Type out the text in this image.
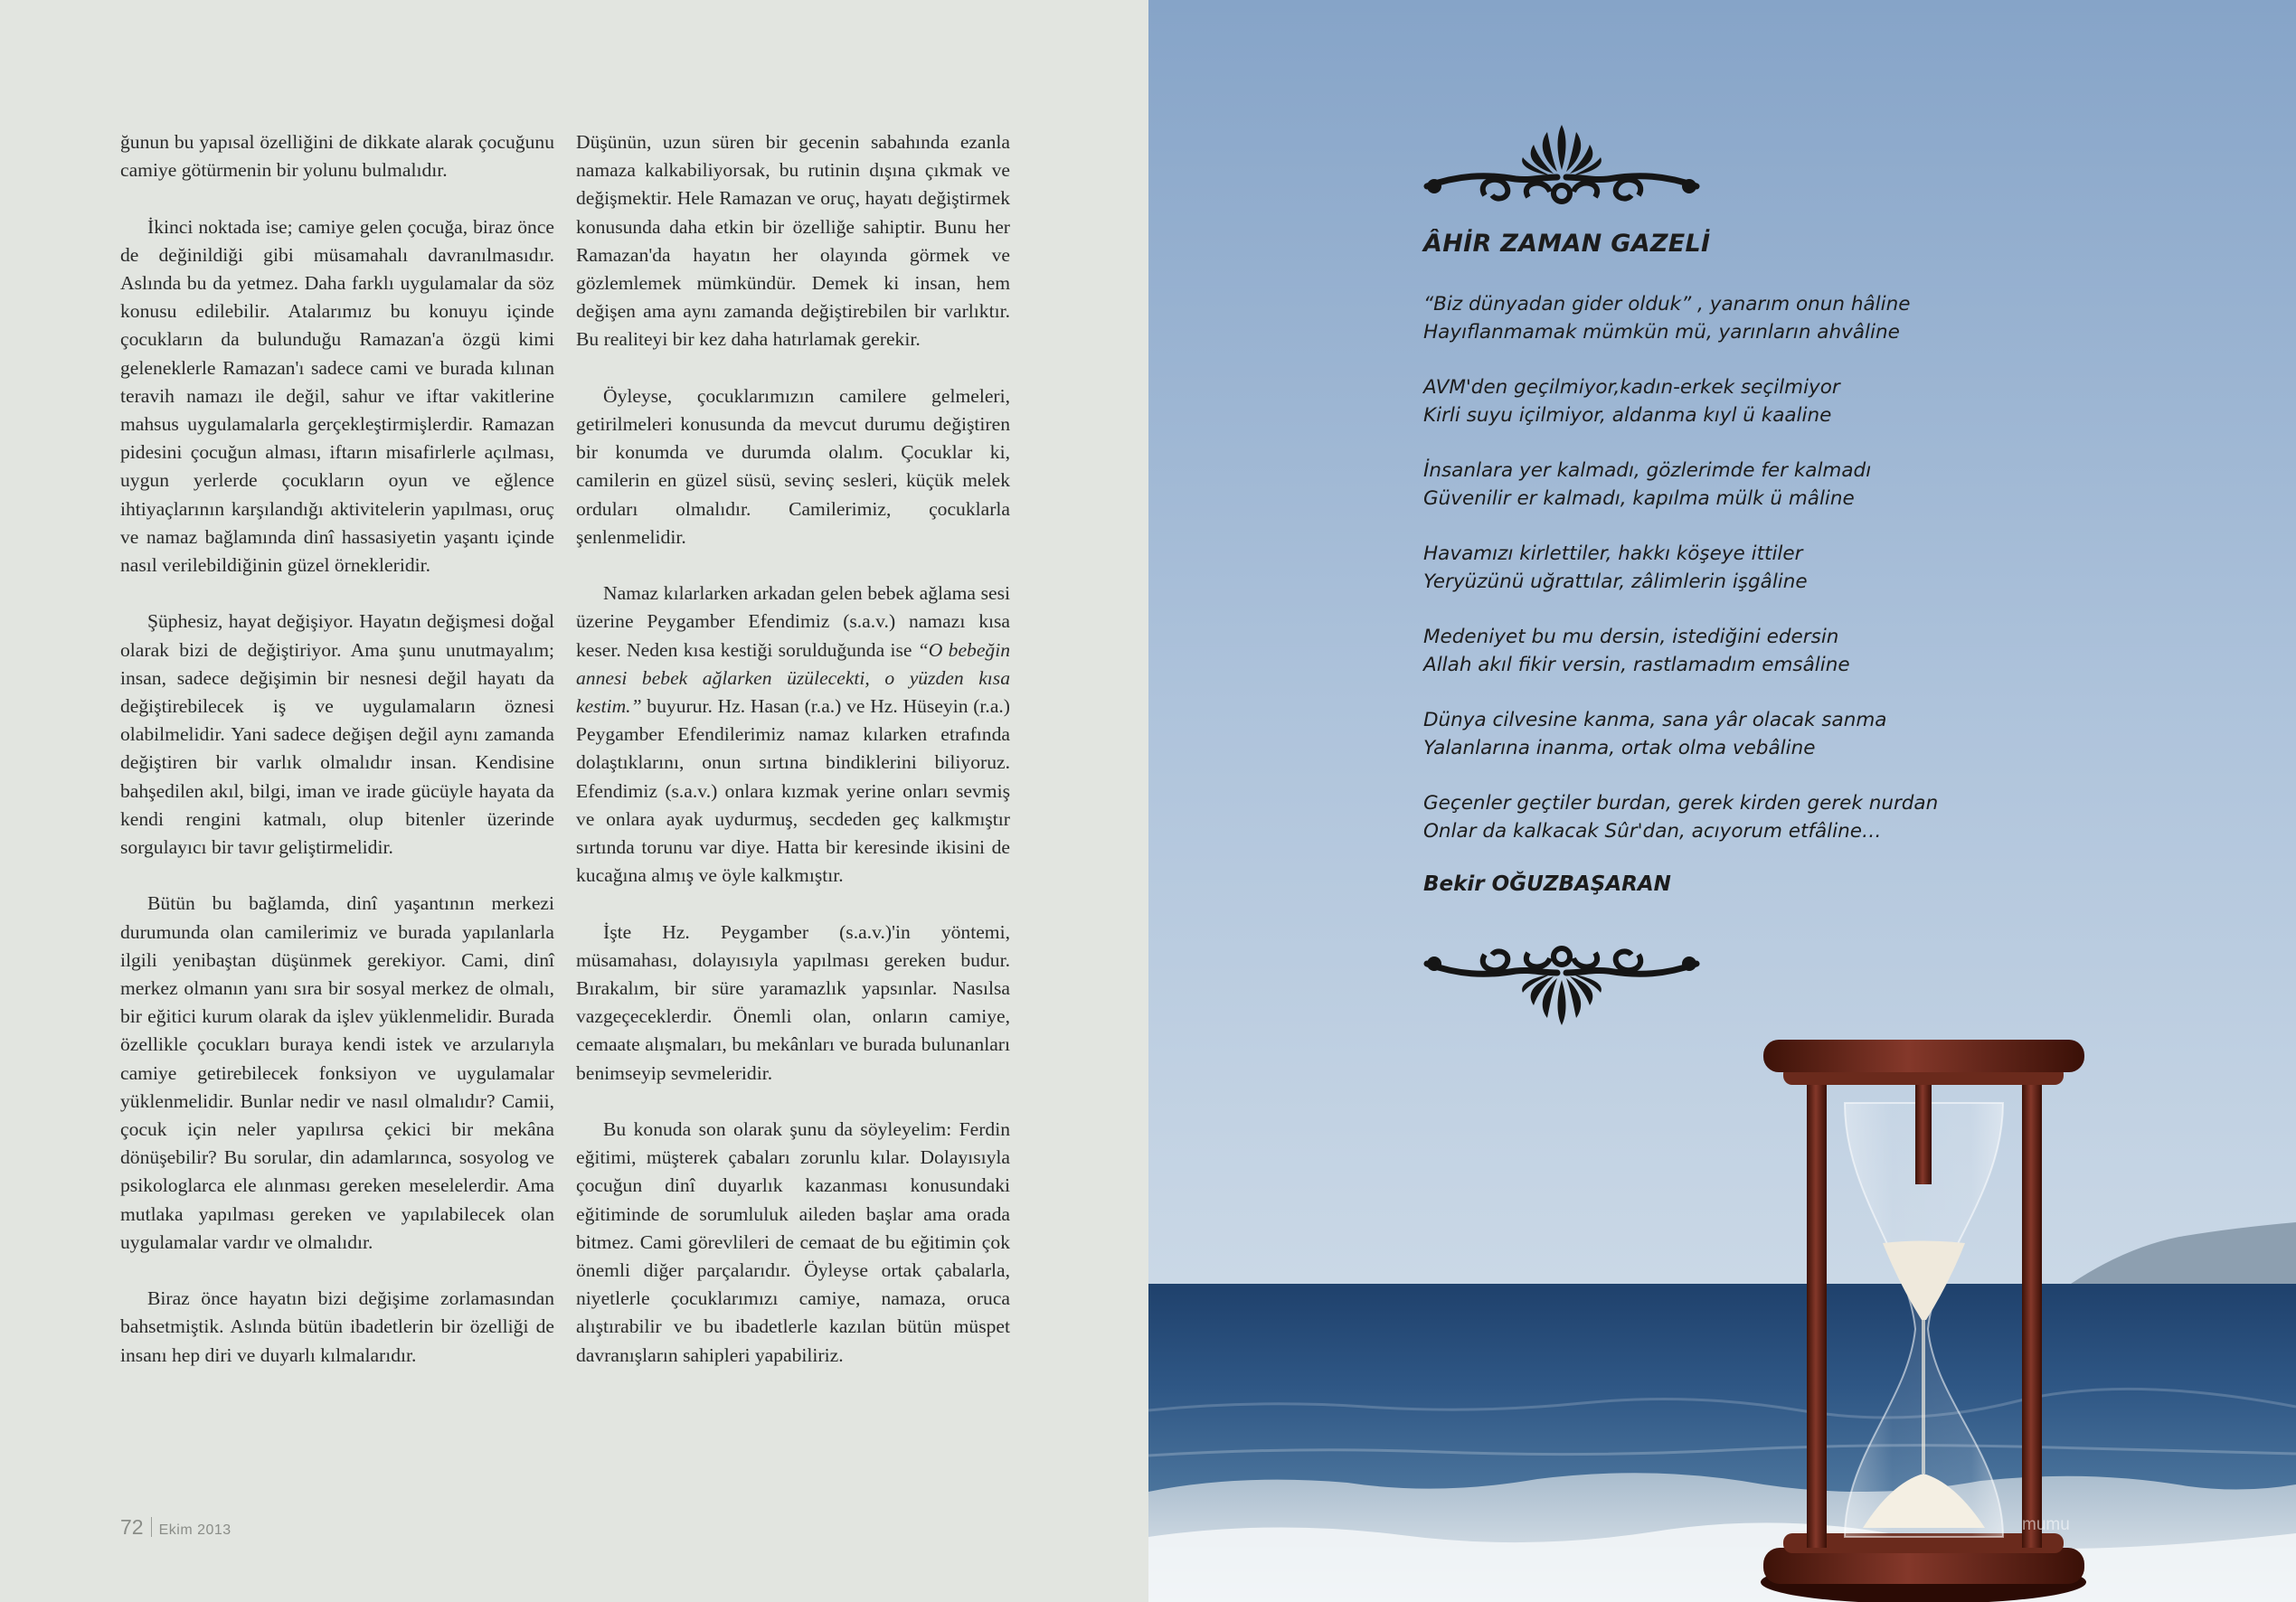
ğunun bu yapısal özelliğini de dikkate alarak çocuğunu camiye götürmenin bir yolunu bulmalıdır.

İkinci noktada ise; camiye gelen çocuğa, biraz önce de değinildiği gibi müsamahalı davranılmasıdır. Aslında bu da yetmez. Daha farklı uygulamalar da söz konusu edilebilir. Atalarımız bu konuyu içinde çocukların da bulunduğu Ramazan'a özgü kimi geleneklerle Ramazan'ı sadece cami ve burada kılınan teravih namazı ile değil, sahur ve iftar vakitlerine mahsus uygulamalarla gerçekleştirmişlerdir. Ramazan pidesini çocuğun alması, iftarın misafirlerle açılması, uygun yerlerde çocukların oyun ve eğlence ihtiyaçlarının karşılandığı aktivitelerin yapılması, oruç ve namaz bağlamında dinî hassasiyetin yaşantı içinde nasıl verilebildiğinin güzel örnekleridir.

Şüphesiz, hayat değişiyor. Hayatın değişmesi doğal olarak bizi de değiştiriyor. Ama şunu unutmayalım; insan, sadece değişimin bir nesnesi değil hayatı da değiştirebilecek iş ve uygulamaların öznesi olabilmelidir. Yani sadece değişen değil aynı zamanda değiştiren bir varlık olmalıdır insan. Kendisine bahşedilen akıl, bilgi, iman ve irade gücüyle hayata da kendi rengini katmalı, olup bitenler üzerinde sorgulayıcı bir tavır geliştirmelidir.

Bütün bu bağlamda, dinî yaşantının merkezi durumunda olan camilerimiz ve burada yapılanlarla ilgili yenibaştan düşünmek gerekiyor. Cami, dinî merkez olmanın yanı sıra bir sosyal merkez de olmalı, bir eğitici kurum olarak da işlev yüklenmelidir. Burada özellikle çocukları buraya kendi istek ve arzularıyla camiye getirebilecek fonksiyon ve uygulamalar yüklenmelidir. Bunlar nedir ve nasıl olmalıdır? Camii, çocuk için neler yapılırsa çekici bir mekâna dönüşebilir? Bu sorular, din adamlarınca, sosyolog ve psikologlarca ele alınması gereken meselelerdir. Ama mutlaka yapılması gereken ve yapılabilecek olan uygulamalar vardır ve olmalıdır.

Biraz önce hayatın bizi değişime zorlamasından bahsetmiştik. Aslında bütün ibadetlerin bir özelliği de insanı hep diri ve duyarlı kılmalarıdır.

Düşünün, uzun süren bir gecenin sabahında ezanla namaza kalkabiliyorsak, bu rutinin dışına çıkmak ve değişmektir. Hele Ramazan ve oruç, hayatı değiştirmek konusunda daha etkin bir özelliğe sahiptir. Bunu her Ramazan'da hayatın her olayında görmek ve gözlemlemek mümkündür. Demek ki insan, hem değişen ama aynı zamanda değiştirebilen bir varlıktır. Bu realiteyi bir kez daha hatırlamak gerekir.

Öyleyse, çocuklarımızın camilere gelmeleri, getirilmeleri konusunda da mevcut durumu değiştiren bir konumda ve durumda olalım. Çocuklar ki, camilerin en güzel süsü, sevinç sesleri, küçük melek orduları olmalıdır. Camilerimiz, çocuklarla şenlenmelidir.

Namaz kılarlarken arkadan gelen bebek ağlama sesi üzerine Peygamber Efendimiz (s.a.v.) namazı kısa keser. Neden kısa kestiği sorulduğunda ise “O bebeğin annesi bebek ağlarken üzülecekti, o yüzden kısa kestim.” buyurur. Hz. Hasan (r.a.) ve Hz. Hüseyin (r.a.) Peygamber Efendilerimiz namaz kılarken etrafında dolaştıklarını, onun sırtına bindiklerini biliyoruz. Efendimiz (s.a.v.) onlara kızmak yerine onları sevmiş ve onlara ayak uydurmuş, secdeden geç kalkmıştır sırtında torunu var diye. Hatta bir keresinde ikisini de kucağına almış ve öyle kalkmıştır.

İşte Hz. Peygamber (s.a.v.)'in yöntemi, müsamahası, dolayısıyla yapılması gereken budur. Bırakalım, bir süre yaramazlık yapsınlar. Nasılsa vazgeçeceklerdir. Önemli olan, onların camiye, cemaate alışmaları, bu mekânları ve burada bulunanları benimseyip sevmeleridir.

Bu konuda son olarak şunu da söyleyelim: Ferdin eğitimi, müşterek çabaları zorunlu kılar. Dolayısıyla çocuğun dinî duyarlık kazanması konusundaki eğitiminde de sorumluluk aileden başlar ama orada bitmez. Cami görevlileri de cemaat de bu eğitimin çok önemli diğer parçalarıdır. Öyleyse ortak çabalarla, niyetlerle çocuklarımızı camiye, namaza, oruca alıştırabilir ve bu ibadetlerle kazılan bütün müspet davranışların sahipleri yapabiliriz.

72 Ekim 2013
ÂHİR ZAMAN GAZELİ
“Biz dünyadan gider olduk” , yanarım onun hâline
Hayıflanmamak mümkün mü, yarınların ahvâline
AVM'den geçilmiyor,kadın-erkek seçilmiyor
Kirli suyu içilmiyor, aldanma kıyl ü kaaline
İnsanlara yer kalmadı, gözlerimde fer kalmadı
Güvenilir er kalmadı, kapılma mülk ü mâline
Havamızı kirlettiler, hakkı köşeye ittiler
Yeryüzünü uğrattılar, zâlimlerin işgâline
Medeniyet bu mu dersin, istediğini edersin
Allah akıl fikir versin, rastlamadım emsâline
Dünya cilvesine kanma, sana yâr olacak sanma
Yalanlarına inanma, ortak olma vebâline
Geçenler geçtiler burdan, gerek kirden gerek nurdan
Onlar da kalkacak Sûr'dan, acıyorum etfâline…
Bekir OĞUZBAŞARAN
mumu
